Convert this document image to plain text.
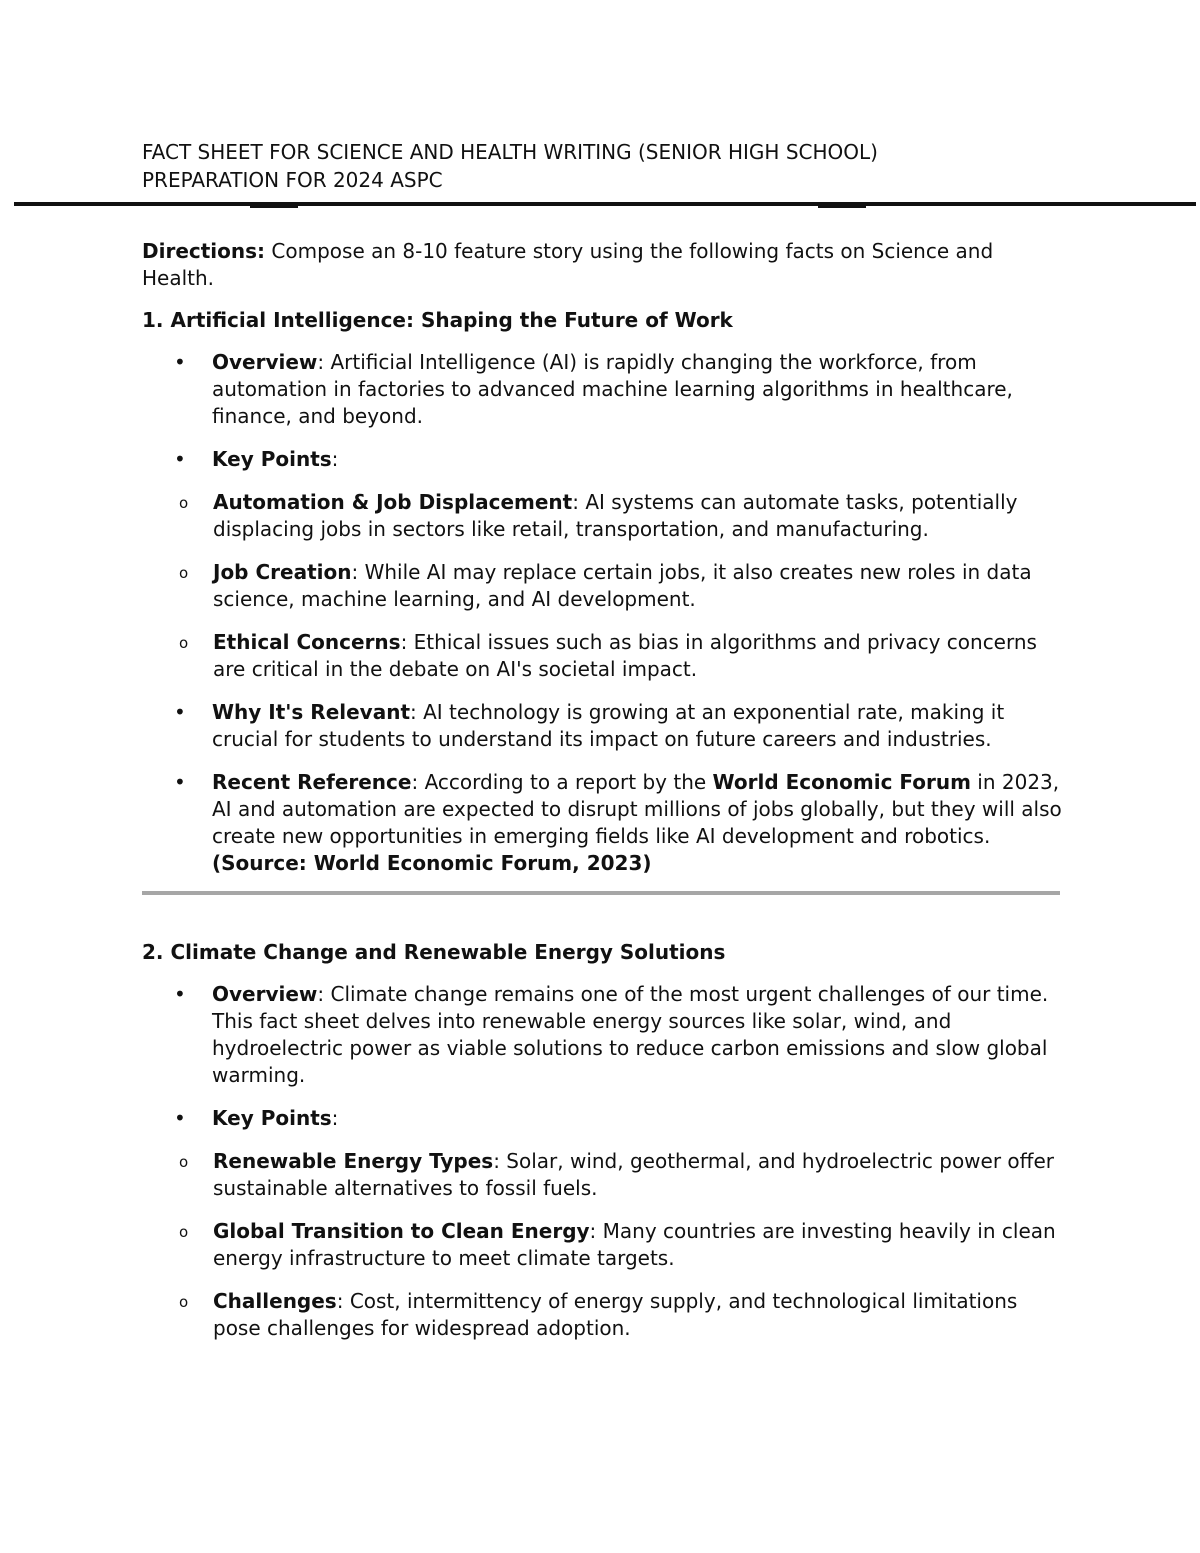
FACT SHEET FOR SCIENCE AND HEALTH WRITING (SENIOR HIGH SCHOOL)
PREPARATION FOR 2024 ASPC

Directions: Compose an 8-10 feature story using the following facts on Science and Health.

1. Artificial Intelligence: Shaping the Future of Work

• Overview: Artificial Intelligence (AI) is rapidly changing the workforce, from automation in factories to advanced machine learning algorithms in healthcare, finance, and beyond.
• Key Points:
o Automation & Job Displacement: AI systems can automate tasks, potentially displacing jobs in sectors like retail, transportation, and manufacturing.
o Job Creation: While AI may replace certain jobs, it also creates new roles in data science, machine learning, and AI development.
o Ethical Concerns: Ethical issues such as bias in algorithms and privacy concerns are critical in the debate on AI's societal impact.
• Why It's Relevant: AI technology is growing at an exponential rate, making it crucial for students to understand its impact on future careers and industries.
• Recent Reference: According to a report by the World Economic Forum in 2023, AI and automation are expected to disrupt millions of jobs globally, but they will also create new opportunities in emerging fields like AI development and robotics. (Source: World Economic Forum, 2023)

2. Climate Change and Renewable Energy Solutions

• Overview: Climate change remains one of the most urgent challenges of our time. This fact sheet delves into renewable energy sources like solar, wind, and hydroelectric power as viable solutions to reduce carbon emissions and slow global warming.
• Key Points:
o Renewable Energy Types: Solar, wind, geothermal, and hydroelectric power offer sustainable alternatives to fossil fuels.
o Global Transition to Clean Energy: Many countries are investing heavily in clean energy infrastructure to meet climate targets.
o Challenges: Cost, intermittency of energy supply, and technological limitations pose challenges for widespread adoption.
